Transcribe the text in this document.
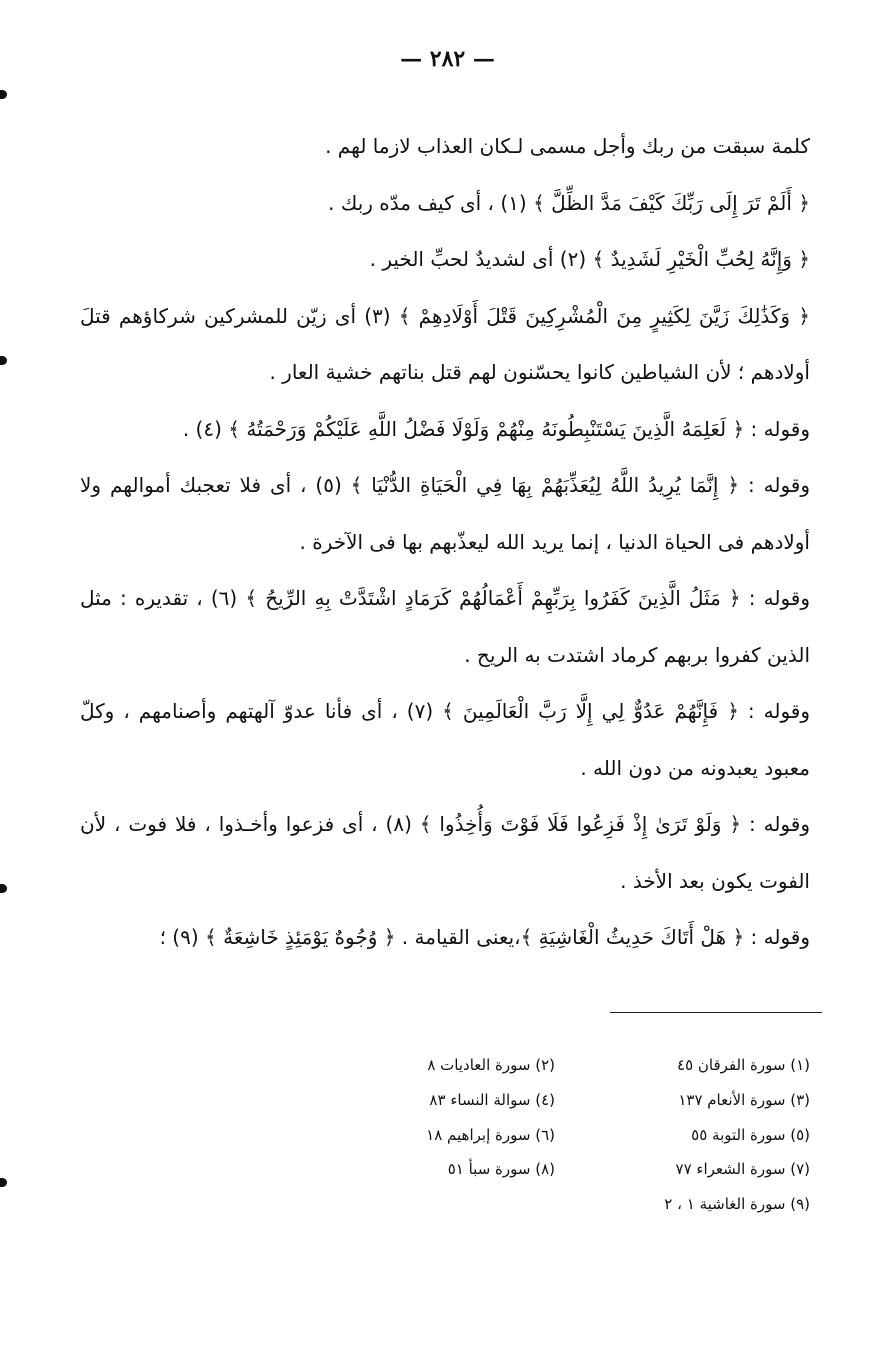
— ٢٨٢ —

كلمة سبقت من ربك وأجل مسمى لـكان العذاب لازما لهم .

﴿ أَلَمْ تَرَ إِلَى رَبِّكَ كَيْفَ مَدَّ الظِّلَّ ﴾ (١) ، أى كيف مدّه ربك .

﴿ وَإِنَّهُ لِحُبِّ الْخَيْرِ لَشَدِيدٌ ﴾ (٢) أى لشديدٌ لحبِّ الخير .

﴿ وَكَذَٰلِكَ زَيَّنَ لِكَثِيرٍ مِنَ الْمُشْرِكِينَ قَتْلَ أَوْلَادِهِمْ ﴾ (٣) أى زيّن للمشركين شركاؤهم قتلَ أولادهم ؛ لأن الشياطين كانوا يحسّنون لهم قتل بناتهم خشية العار .

وقوله : ﴿ لَعَلِمَهُ الَّذِينَ يَسْتَنْبِطُونَهُ مِنْهُمْ وَلَوْلَا فَضْلُ اللَّهِ عَلَيْكُمْ وَرَحْمَتُهُ ﴾ (٤) .

وقوله : ﴿ إِنَّمَا يُرِيدُ اللَّهُ لِيُعَذِّبَهُمْ بِهَا فِي الْحَيَاةِ الدُّنْيَا ﴾ (٥) ، أى فلا تعجبك أموالهم ولا أولادهم فى الحياة الدنيا ، إنما يريد الله ليعذّبهم بها فى الآخرة .

وقوله : ﴿ مَثَلُ الَّذِينَ كَفَرُوا بِرَبِّهِمْ أَعْمَالُهُمْ كَرَمَادٍ اشْتَدَّتْ بِهِ الرِّيحُ ﴾ (٦) ، تقديره : مثل الذين كفروا بربهم كرماد اشتدت به الريح .

وقوله : ﴿ فَإِنَّهُمْ عَدُوٌّ لِي إِلَّا رَبَّ الْعَالَمِينَ ﴾ (٧) ، أى فأنا عدوّ آلهتهم وأصنامهم ، وكلّ معبود يعبدونه من دون الله .

وقوله : ﴿ وَلَوْ تَرَىٰ إِذْ فَزِعُوا فَلَا فَوْتَ وَأُخِذُوا ﴾ (٨) ، أى فزعوا وأخـذوا ، فلا فوت ، لأن الفوت يكون بعد الأخذ .

وقوله : ﴿ هَلْ أَتَاكَ حَدِيثُ الْغَاشِيَةِ ﴾،يعنى القيامة . ﴿ وُجُوهٌ يَوْمَئِذٍ خَاشِعَةٌ ﴾ (٩) ؛

(١) سورة الفرقان ٤٥
(٢) سورة العاديات ٨
(٣) سورة الأنعام ١٣٧
(٤) سوالة النساء ٨٣
(٥) سورة التوبة ٥٥
(٦) سورة إبراهيم ١٨
(٧) سورة الشعراء ٧٧
(٨) سورة سبأ ٥١
(٩) سورة الغاشية ١ ، ٢
